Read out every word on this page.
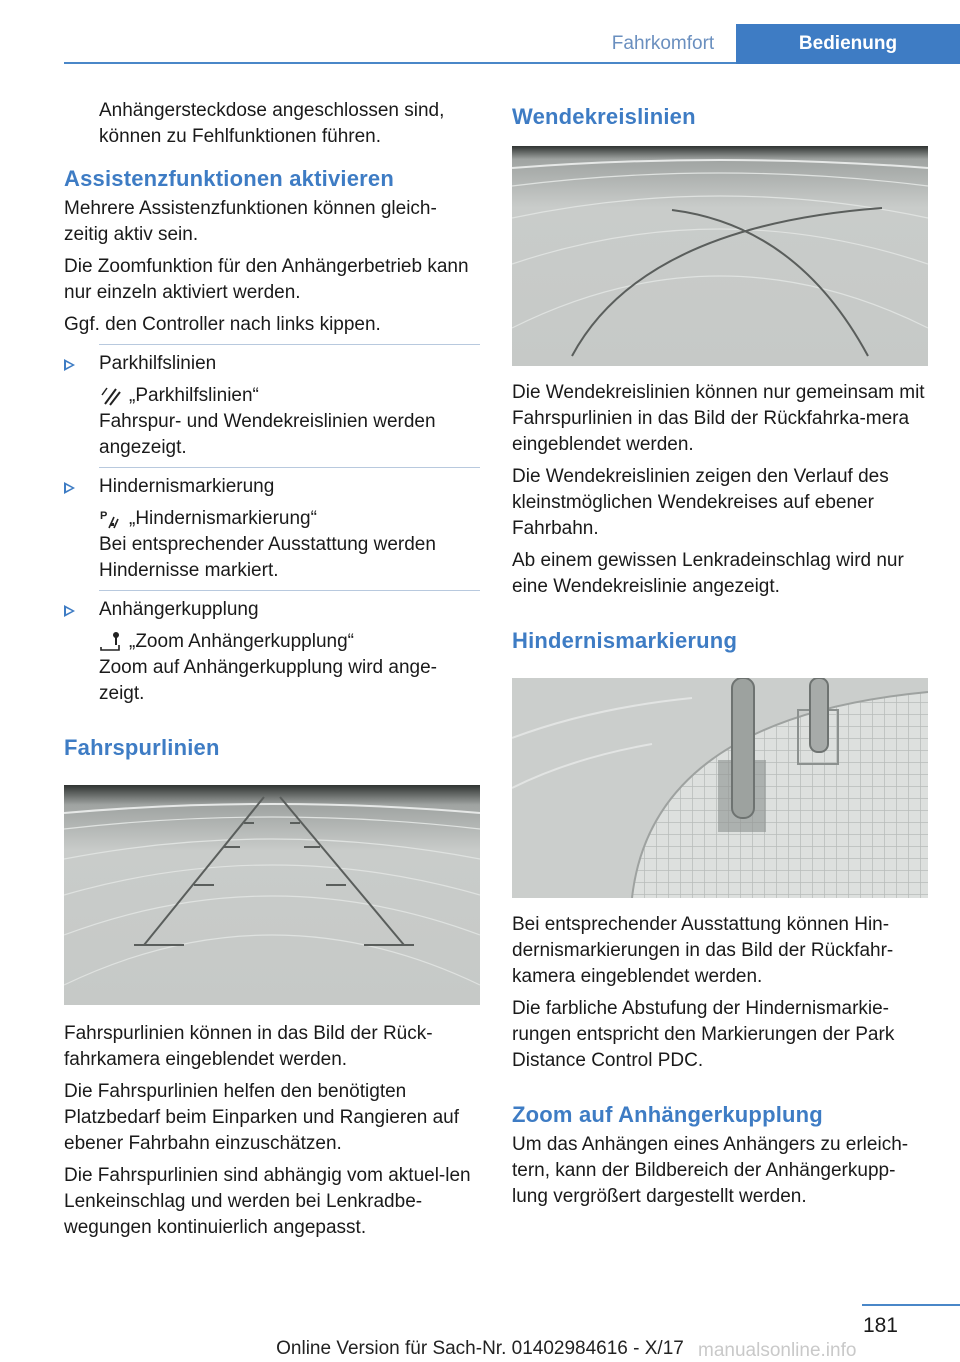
Fahrkomfort	Bedienung

Anhängersteckdose angeschlossen sind,

können zu Fehlfunktionen führen.

Assistenzfunktionen aktivieren

Mehrere Assistenzfunktionen können gleich-zeitig aktiv sein.

Die Zoomfunktion für den Anhängerbetrieb kann nur einzeln aktiviert werden.

Ggf. den Controller nach links kippen.

Parkhilfslinien

„Parkhilfslinien“

Fahrspur- und Wendekreislinien werden angezeigt.

Hindernismarkierung

P „Hindernismarkierung“

Bei entsprechender Ausstattung werden Hindernisse markiert.

Anhängerkupplung

„Zoom Anhängerkupplung“

Zoom auf Anhängerkupplung wird ange-zeigt.

Fahrspurlinien

Fahrspurlinien können in das Bild der Rück-fahrkamera eingeblendet werden.

Die Fahrspurlinien helfen den benötigten Platzbedarf beim Einparken und Rangieren auf ebener Fahrbahn einzuschätzen.

Die Fahrspurlinien sind abhängig vom aktuel-len Lenkeinschlag und werden bei Lenkradbe-wegungen kontinuierlich angepasst.

Wendekreislinien

Die Wendekreislinien können nur gemeinsam mit Fahrspurlinien in das Bild der Rückfahrka-mera eingeblendet werden.

Die Wendekreislinien zeigen den Verlauf des kleinstmöglichen Wendekreises auf ebener Fahrbahn.

Ab einem gewissen Lenkradeinschlag wird nur eine Wendekreislinie angezeigt.

Hindernismarkierung

Bei entsprechender Ausstattung können Hin-dernismarkierungen in das Bild der Rückfahr-kamera eingeblendet werden.

Die farbliche Abstufung der Hindernismarkie-rungen entspricht den Markierungen der Park Distance Control PDC.

Zoom auf Anhängerkupplung

Um das Anhängen eines Anhängers zu erleich-tern, kann der Bildbereich der Anhängerkupp-lung vergrößert dargestellt werden.

181
manualsonline.info
Online Version für Sach-Nr. 01402984616 - X/17
